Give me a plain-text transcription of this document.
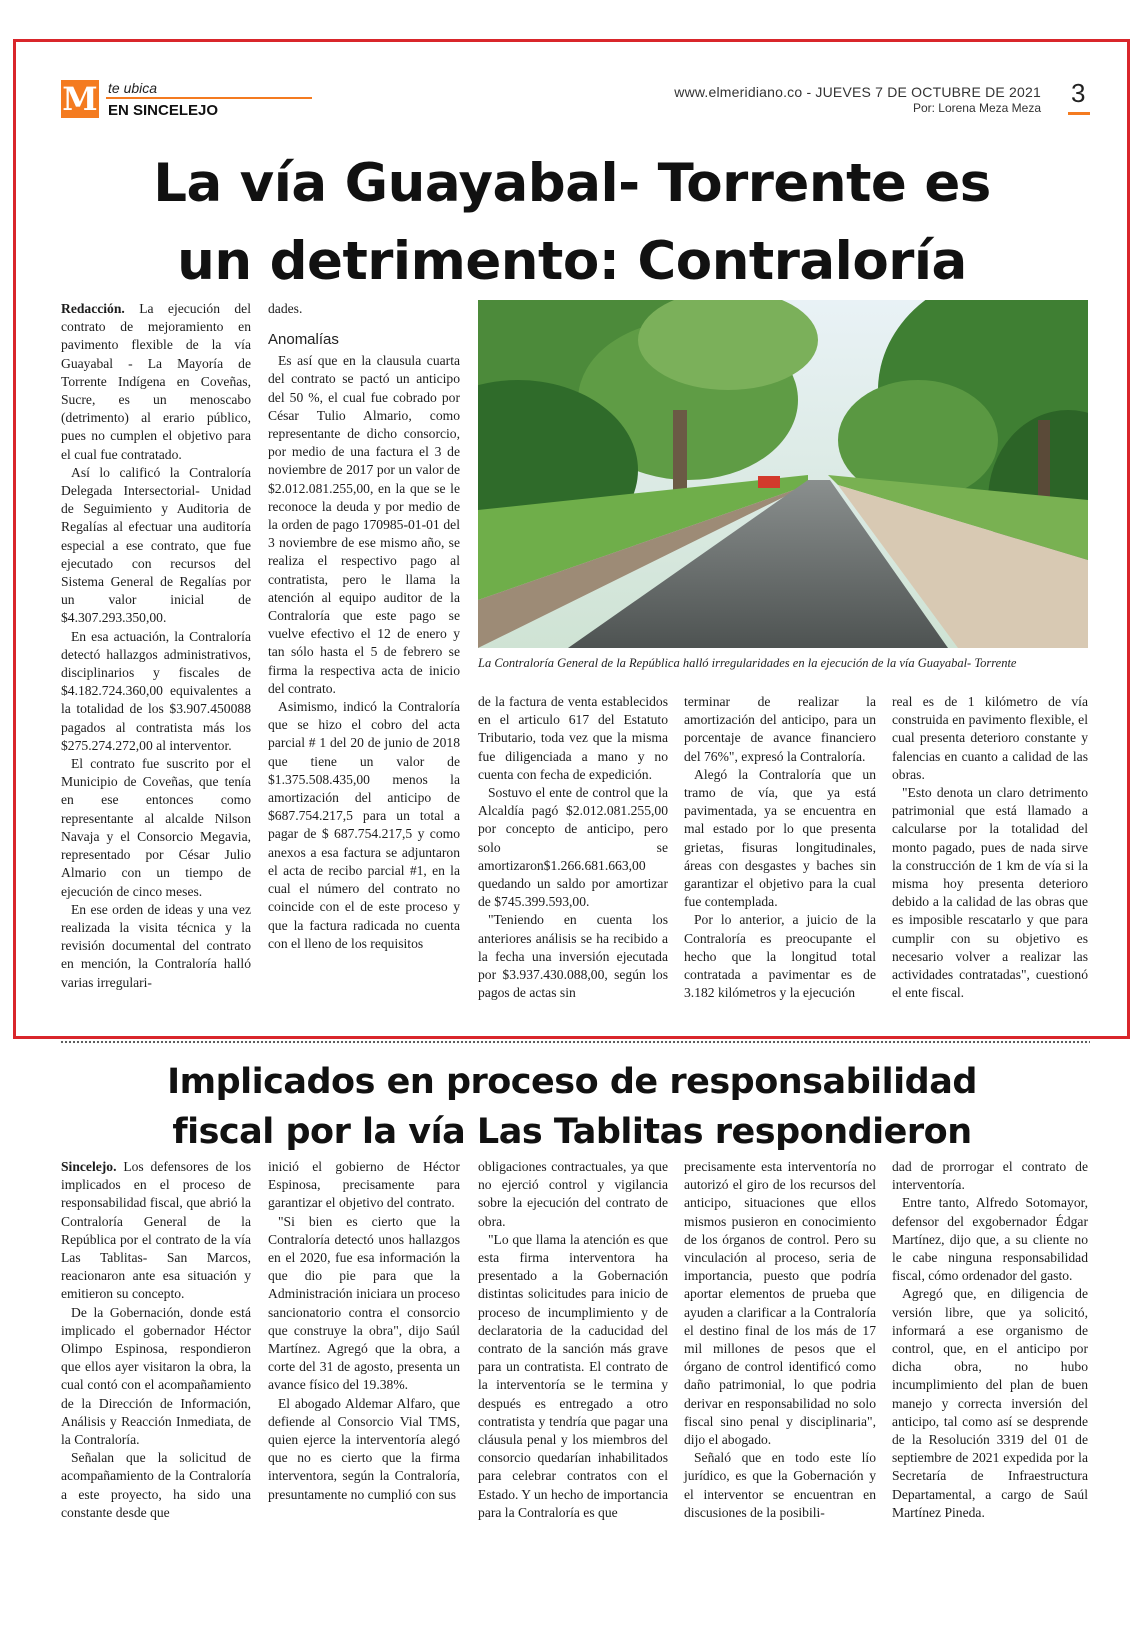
M te ubica
EN SINCELEJO
www.elmeridiano.co - JUEVES 7 DE OCTUBRE DE 2021
Por: Lorena Meza Meza 3
La vía Guayabal- Torrente es
un detrimento: Contraloría

Redacción. La ejecución del contrato de mejoramiento en pavimento flexible de la vía Guayabal - La Mayoría de Torrente Indígena en Coveñas, Sucre, es un menoscabo (detrimento) al erario público, pues no cumplen el objetivo para el cual fue contratado.

Así lo calificó la Contraloría Delegada Intersectorial- Unidad de Seguimiento y Auditoria de Regalías al efectuar una auditoría especial a ese contrato, que fue ejecutado con recursos del Sistema General de Regalías por un valor inicial de $4.307.293.350,00.

En esa actuación, la Contraloría detectó hallazgos administrativos, disciplinarios y fiscales de $4.182.724.360,00 equivalentes a la totalidad de los $3.907.450088 pagados al contratista más los $275.274.272,00 al interventor.

El contrato fue suscrito por el Municipio de Coveñas, que tenía en ese entonces como representante al alcalde Nilson Navaja y el Consorcio Megavia, representado por César Julio Almario con un tiempo de ejecución de cinco meses.

En ese orden de ideas y una vez realizada la visita técnica y la revisión documental del contrato en mención, la Contraloría halló varias irregulari-

dades.

Anomalías

Es así que en la clausula cuarta del contrato se pactó un anticipo del 50 %, el cual fue cobrado por César Tulio Almario, como representante de dicho consorcio, por medio de una factura el 3 de noviembre de 2017 por un valor de $2.012.081.255,00, en la que se le reconoce la deuda y por medio de la orden de pago 170985-01-01 del 3 noviembre de ese mismo año, se realiza el respectivo pago al contratista, pero le llama la atención al equipo auditor de la Contraloría que este pago se vuelve efectivo el 12 de enero y tan sólo hasta el 5 de febrero se firma la respectiva acta de inicio del contrato.

Asimismo, indicó la Contraloría que se hizo el cobro del acta parcial # 1 del 20 de junio de 2018 que tiene un valor de $1.375.508.435,00 menos la amortización del anticipo de $687.754.217,5 para un total a pagar de $ 687.754.217,5 y como anexos a esa factura se adjuntaron el acta de recibo parcial #1, en la cual el número del contrato no coincide con el de este proceso y que la factura radicada no cuenta con el lleno de los requisitos

La Contraloría General de la República halló irregularidades en la ejecución de la vía Guayabal- Torrente

de la factura de venta establecidos en el articulo 617 del Estatuto Tributario, toda vez que la misma fue diligenciada a mano y no cuenta con fecha de expedición.

Sostuvo el ente de control que la Alcaldía pagó $2.012.081.255,00 por concepto de anticipo, pero solo se amortizaron$1.266.681.663,00 quedando un saldo por amortizar de $745.399.593,00.

"Teniendo en cuenta los anteriores análisis se ha recibido a la fecha una inversión ejecutada por $3.937.430.088,00, según los pagos de actas sin

terminar de realizar la amortización del anticipo, para un porcentaje de avance financiero del 76%", expresó la Contraloría.

Alegó la Contraloría que un tramo de vía, que ya está pavimentada, ya se encuentra en mal estado por lo que presenta grietas, fisuras longitudinales, áreas con desgastes y baches sin garantizar el objetivo para la cual fue contemplada.

Por lo anterior, a juicio de la Contraloría es preocupante el hecho que la longitud total contratada a pavimentar es de 3.182 kilómetros y la ejecución

real es de 1 kilómetro de vía construida en pavimento flexible, el cual presenta deterioro constante y falencias en cuanto a calidad de las obras.

"Esto denota un claro detrimento patrimonial que está llamado a calcularse por la totalidad del monto pagado, pues de nada sirve la construcción de 1 km de vía si la misma hoy presenta deterioro debido a la calidad de las obras que es imposible rescatarlo y que para cumplir con su objetivo es necesario volver a realizar las actividades contratadas", cuestionó el ente fiscal.

Implicados en proceso de responsabilidad
fiscal por la vía Las Tablitas respondieron

Sincelejo. Los defensores de los implicados en el proceso de responsabilidad fiscal, que abrió la Contraloría General de la República por el contrato de la vía Las Tablitas- San Marcos, reacionaron ante esa situación y emitieron su concepto.

De la Gobernación, donde está implicado el gobernador Héctor Olimpo Espinosa, respondieron que ellos ayer visitaron la obra, la cual contó con el acompañamiento de la Dirección de Información, Análisis y Reacción Inmediata, de la Contraloría.

Señalan que la solicitud de acompañamiento de la Contraloría a este proyecto, ha sido una constante desde que

inició el gobierno de Héctor Espinosa, precisamente para garantizar el objetivo del contrato.

"Si bien es cierto que la Contraloría detectó unos hallazgos en el 2020, fue esa información la que dio pie para que la Administración iniciara un proceso sancionatorio contra el consorcio que construye la obra", dijo Saúl Martínez. Agregó que la obra, a corte del 31 de agosto, presenta un avance físico del 19.38%.

El abogado Aldemar Alfaro, que defiende al Consorcio Vial TMS, quien ejerce la interventoría alegó que no es cierto que la firma interventora, según la Contraloría, presuntamente no cumplió con sus

obligaciones contractuales, ya que no ejerció control y vigilancia sobre la ejecución del contrato de obra.

"Lo que llama la atención es que esta firma interventora ha presentado a la Gobernación distintas solicitudes para inicio de proceso de incumplimiento y de declaratoria de la caducidad del contrato de la sanción más grave para un contratista. El contrato de la interventoría se le termina y después es entregado a otro contratista y tendría que pagar una cláusula penal y los miembros del consorcio quedarían inhabilitados para celebrar contratos con el Estado. Y un hecho de importancia para la Contraloría es que

precisamente esta interventoría no autorizó el giro de los recursos del anticipo, situaciones que ellos mismos pusieron en conocimiento de los órganos de control. Pero su vinculación al proceso, seria de importancia, puesto que podría aportar elementos de prueba que ayuden a clarificar a la Contraloría el destino final de los más de 17 mil millones de pesos que el órgano de control identificó como daño patrimonial, lo que podria derivar en responsabilidad no solo fiscal sino penal y disciplinaria", dijo el abogado.

Señaló que en todo este lío jurídico, es que la Gobernación y el interventor se encuentran en discusiones de la posibili-

dad de prorrogar el contrato de interventoría.

Entre tanto, Alfredo Sotomayor, defensor del exgobernador Édgar Martínez, dijo que, a su cliente no le cabe ninguna responsabilidad fiscal, cómo ordenador del gasto.

Agregó que, en diligencia de versión libre, que ya solicitó, informará a ese organismo de control, que, en el anticipo por dicha obra, no hubo incumplimiento del plan de buen manejo y correcta inversión del anticipo, tal como así se desprende de la Resolución 3319 del 01 de septiembre de 2021 expedida por la Secretaría de Infraestructura Departamental, a cargo de Saúl Martínez Pineda.
